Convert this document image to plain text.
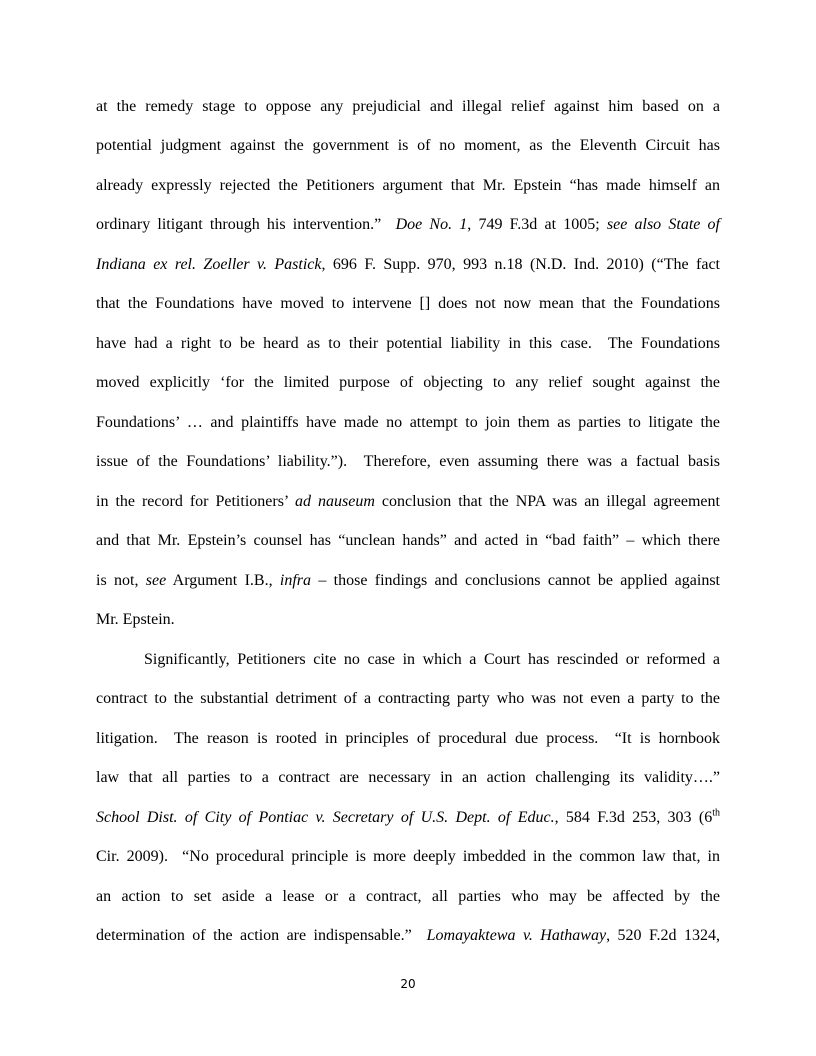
at the remedy stage to oppose any prejudicial and illegal relief against him based on a
potential judgment against the government is of no moment, as the Eleventh Circuit has
already expressly rejected the Petitioners argument that Mr. Epstein “has made himself an
ordinary litigant through his intervention.”  Doe No. 1, 749 F.3d at 1005; see also State of
Indiana ex rel. Zoeller v. Pastick, 696 F. Supp. 970, 993 n.18 (N.D. Ind. 2010) (“The fact
that the Foundations have moved to intervene [] does not now mean that the Foundations
have had a right to be heard as to their potential liability in this case.  The Foundations
moved explicitly ‘for the limited purpose of objecting to any relief sought against the
Foundations’ … and plaintiffs have made no attempt to join them as parties to litigate the
issue of the Foundations’ liability.”).  Therefore, even assuming there was a factual basis
in the record for Petitioners’ ad nauseum conclusion that the NPA was an illegal agreement
and that Mr. Epstein’s counsel has “unclean hands” and acted in “bad faith” – which there
is not, see Argument I.B., infra – those findings and conclusions cannot be applied against
Mr. Epstein.
Significantly, Petitioners cite no case in which a Court has rescinded or reformed a
contract to the substantial detriment of a contracting party who was not even a party to the
litigation.  The reason is rooted in principles of procedural due process.  “It is hornbook
law that all parties to a contract are necessary in an action challenging its validity….”
School Dist. of City of Pontiac v. Secretary of U.S. Dept. of Educ., 584 F.3d 253, 303 (6th
Cir. 2009).  “No procedural principle is more deeply imbedded in the common law that, in
an action to set aside a lease or a contract, all parties who may be affected by the
determination of the action are indispensable.”  Lomayaktewa v. Hathaway, 520 F.2d 1324,
20
